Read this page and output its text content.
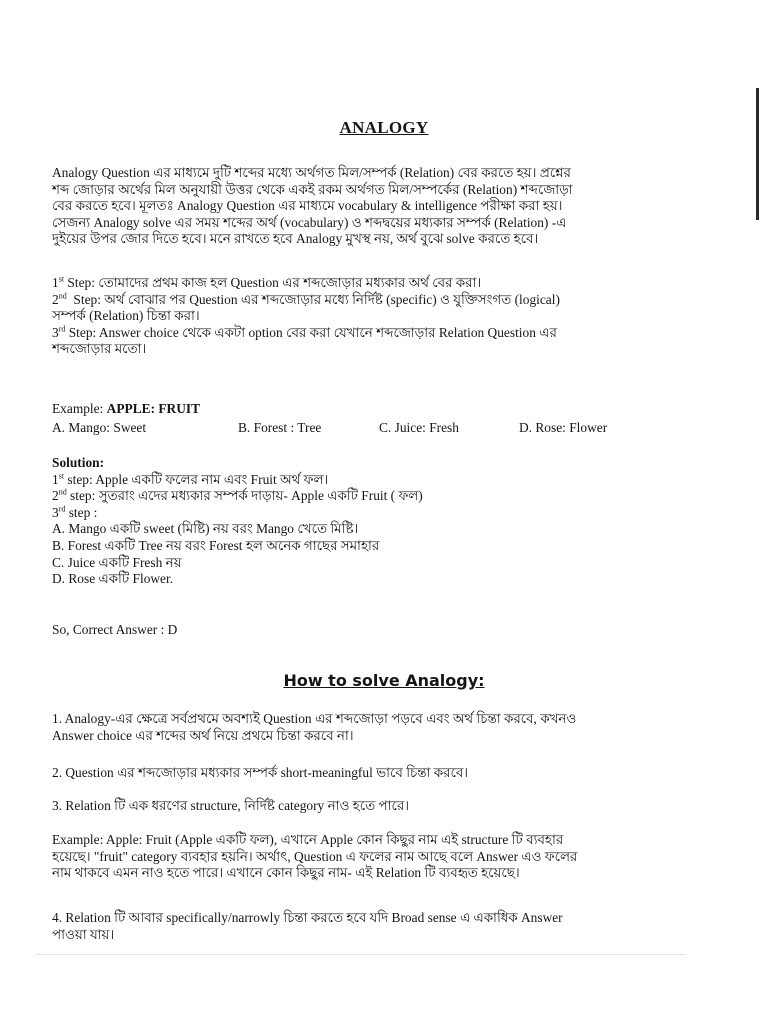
ANALOGY

Analogy Question এর মাধ্যমে দুটি শব্দের মধ্যে অর্থগত মিল/সম্পর্ক (Relation) বের করতে হয়। প্রশ্নের
শব্দ জোড়ার অর্থের মিল অনুযায়ী উত্তর থেকে একই রকম অর্থগত মিল/সম্পর্কের (Relation) শব্দজোড়া
বের করতে হবে। মূলতঃ Analogy Question এর মাধ্যমে vocabulary & intelligence পরীক্ষা করা হয়।
সেজন্য Analogy solve এর সময় শব্দের অর্থ (vocabulary) ও শব্দদ্বয়ের মধ্যকার সম্পর্ক (Relation) -এ
দুইয়ের উপর জোর দিতে হবে। মনে রাখতে হবে Analogy মুখস্থ নয়, অর্থ বুঝে solve করতে হবে।

1st Step: তোমাদের প্রথম কাজ হল Question এর শব্দজোড়ার মধ্যকার অর্থ বের করা।
2nd  Step: অর্থ বোঝার পর Question এর শব্দজোড়ার মধ্যে নির্দিষ্ট (specific) ও যুক্তিসংগত (logical)
সম্পর্ক (Relation) চিন্তা করা।
3rd Step: Answer choice থেকে একটা option বের করা যেখানে শব্দজোড়ার Relation Question এর
শব্দজোড়ার মতো।

Example: APPLE: FRUIT

A. Mango: Sweet	B. Forest : Tree	C. Juice: Fresh	D. Rose: Flower

Solution:
1st step: Apple একটি ফলের নাম এবং Fruit অর্থ ফল।
2nd step: সুতরাং এদের মধ্যকার সম্পর্ক দাড়ায়- Apple একটি Fruit ( ফল)
3rd step :
A. Mango একটি sweet (মিষ্টি) নয় বরং Mango খেতে মিষ্টি।
B. Forest একটি Tree নয় বরং Forest হল অনেক গাছের সমাহার
C. Juice একটি Fresh নয়
D. Rose একটি Flower.

So, Correct Answer : D

How to solve Analogy:

1. Analogy-এর ক্ষেত্রে সর্বপ্রথমে অবশ্যই Question এর শব্দজোড়া পড়বে এবং অর্থ চিন্তা করবে, কখনও
Answer choice এর শব্দের অর্থ নিয়ে প্রথমে চিন্তা করবে না।

2. Question এর শব্দজোড়ার মধ্যকার সম্পর্ক short-meaningful ভাবে চিন্তা করবে।

3. Relation টি এক ধরণের structure, নির্দিষ্ট category নাও হতে পারে।

Example: Apple: Fruit (Apple একটি ফল), এখানে Apple কোন কিছুর নাম এই structure টি ব্যবহার
হয়েছে। "fruit" category ব্যবহার হয়নি। অর্থাৎ, Question এ ফলের নাম আছে বলে Answer এও ফলের
নাম থাকবে এমন নাও হতে পারে। এখানে কোন কিছুর নাম- এই Relation টি ব্যবহৃত হয়েছে।

4. Relation টি আবার specifically/narrowly চিন্তা করতে হবে যদি Broad sense এ একাধিক Answer
পাওয়া যায়।
